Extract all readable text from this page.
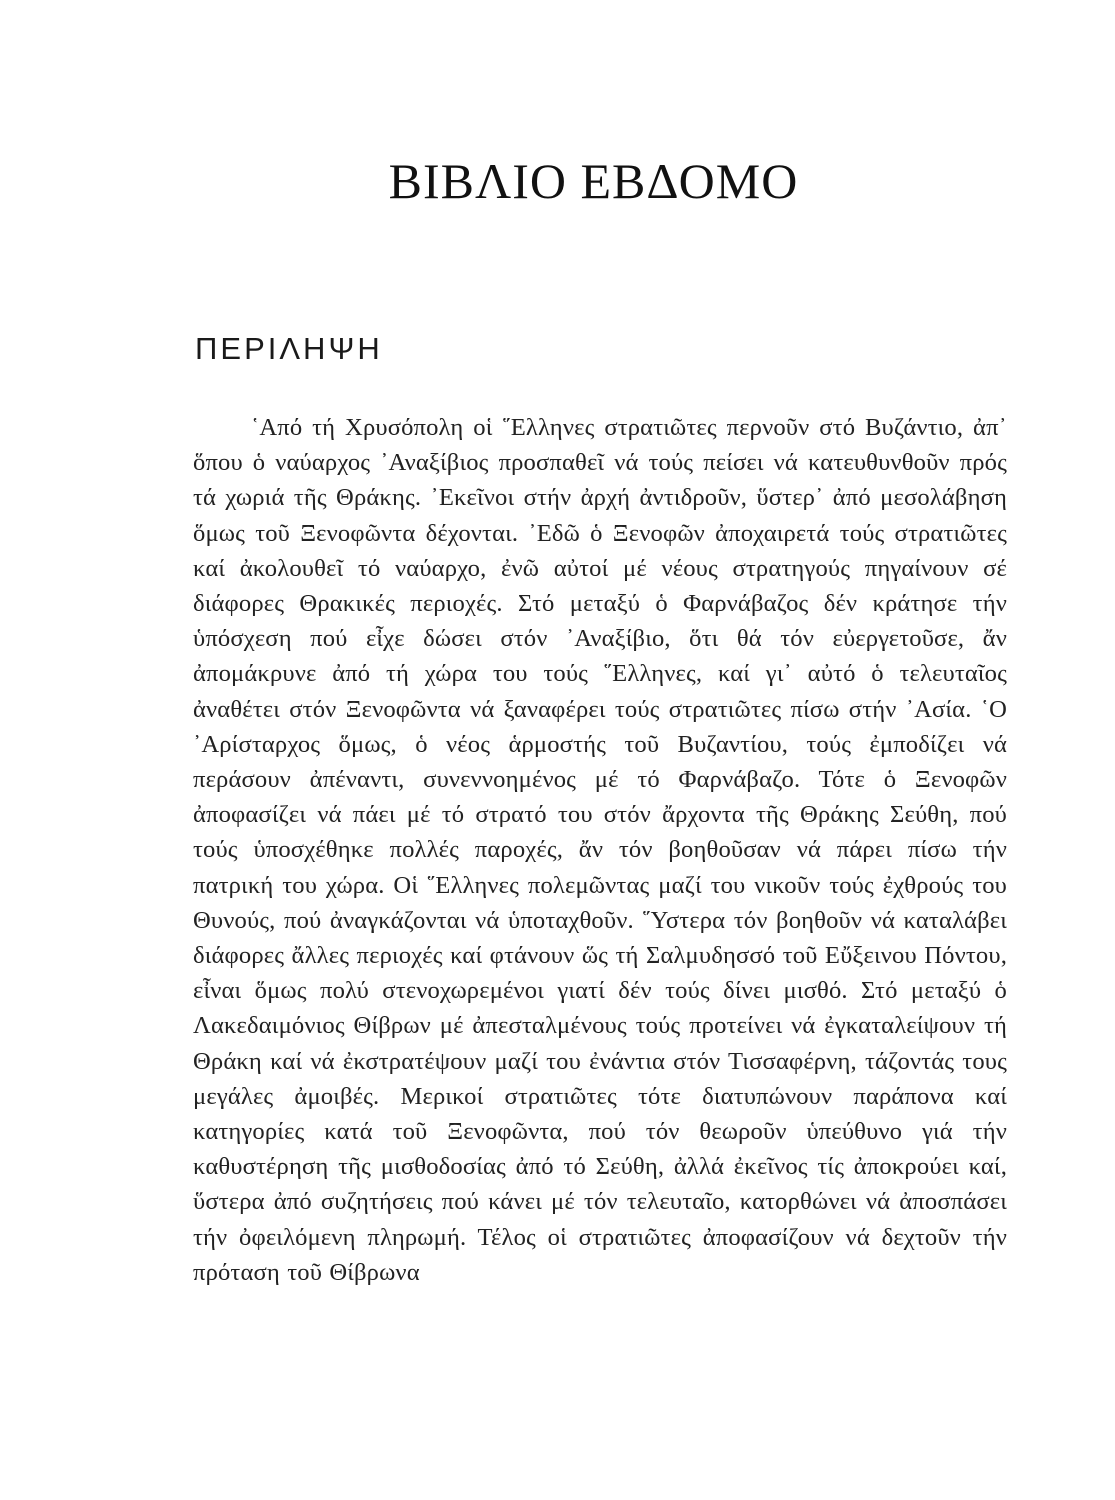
ΒΙΒΛΙΟ ΕΒΔΟΜΟ
ΠΕΡΙΛΗΨΗ

῾Από τή Χρυσόπολη οἱ ῞Ελληνες στρατιῶτες περνοῦν στό Βυζάντιο, ἀπ᾽ ὅπου ὁ ναύαρχος ᾽Αναξίβιος προσπαθεῖ νά τούς πείσει νά κατευθυνθοῦν πρός τά χωριά τῆς Θράκης. ᾽Εκεῖνοι στήν ἀρχή ἀντιδροῦν, ὕστερ᾽ ἀπό μεσολάβηση ὅμως τοῦ Ξενοφῶντα δέχονται. ᾽Εδῶ ὁ Ξενοφῶν ἀποχαιρετά τούς στρατιῶτες καί ἀκολουθεῖ τό ναύαρχο, ἐνῶ αὐτοί μέ νέους στρατηγούς πηγαίνουν σέ διάφορες Θρακικές περιοχές. Στό μεταξύ ὁ Φαρνάβαζος δέν κράτησε τήν ὑπόσχεση πού εἶχε δώσει στόν ᾽Αναξίβιο, ὅτι θά τόν εὐεργετοῦσε, ἄν ἀπομάκρυνε ἀπό τή χώρα του τούς ῞Ελληνες, καί γι᾽ αὐτό ὁ τελευταῖος ἀναθέτει στόν Ξενοφῶντα νά ξαναφέρει τούς στρατιῶτες πίσω στήν ᾽Ασία. ῾Ο ᾽Αρίσταρχος ὅμως, ὁ νέος ἁρμοστής τοῦ Βυζαντίου, τούς ἐμποδίζει νά περάσουν ἀπέναντι, συνεννοημένος μέ τό Φαρνάβαζο. Τότε ὁ Ξενοφῶν ἀποφασίζει νά πάει μέ τό στρατό του στόν ἄρχοντα τῆς Θράκης Σεύθη, πού τούς ὑποσχέθηκε πολλές παροχές, ἄν τόν βοηθοῦσαν νά πάρει πίσω τήν πατρική του χώρα. Οἱ ῞Ελληνες πολεμῶντας μαζί του νικοῦν τούς ἐχθρούς του Θυνούς, πού ἀναγκάζονται νά ὑποταχθοῦν. ῞Υστερα τόν βοηθοῦν νά καταλάβει διάφορες ἄλλες περιοχές καί φτάνουν ὥς τή Σαλμυδησσό τοῦ Εὔξεινου Πόντου, εἶναι ὅμως πολύ στενοχωρεμένοι γιατί δέν τούς δίνει μισθό. Στό μεταξύ ὁ Λακεδαιμόνιος Θίβρων μέ ἀπεσταλμένους τούς προτείνει νά ἐγκαταλείψουν τή Θράκη καί νά ἐκστρατέψουν μαζί του ἐνάντια στόν Τισσαφέρνη, τάζοντάς τους μεγάλες ἀμοιβές. Μερικοί στρατιῶτες τότε διατυπώνουν παράπονα καί κατηγορίες κατά τοῦ Ξενοφῶντα, πού τόν θεωροῦν ὑπεύθυνο γιά τήν καθυστέρηση τῆς μισθοδοσίας ἀπό τό Σεύθη, ἀλλά ἐκεῖνος τίς ἀποκρούει καί, ὕστερα ἀπό συζητήσεις πού κάνει μέ τόν τελευταῖο, κατορθώνει νά ἀποσπάσει τήν ὀφειλόμενη πληρωμή. Τέλος οἱ στρατιῶτες ἀποφασίζουν νά δεχτοῦν τήν πρόταση τοῦ Θίβρωνα
